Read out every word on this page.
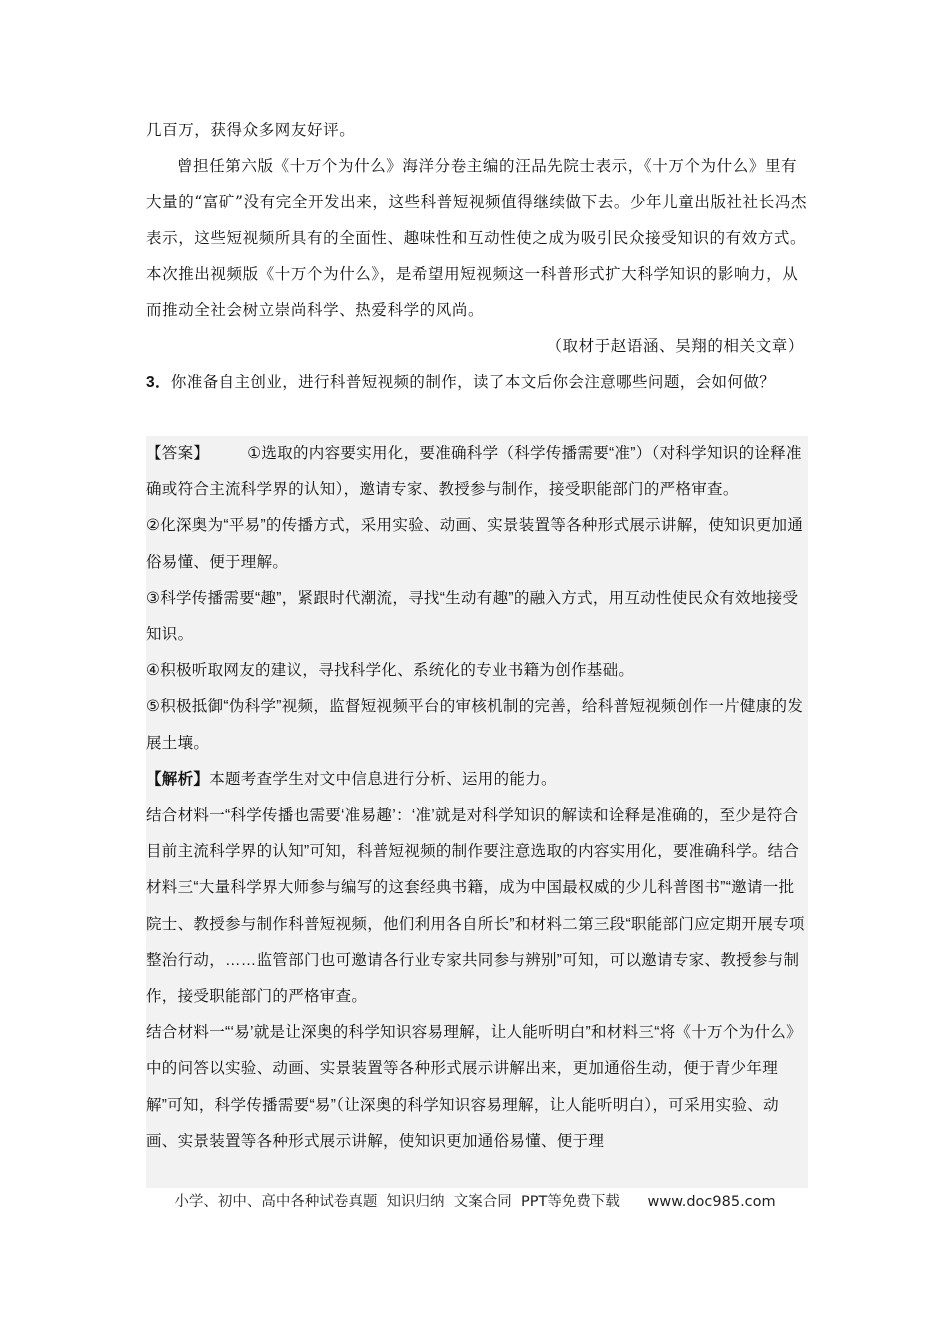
几百万，获得众多网友好评。

曾担任第六版《十万个为什么》海洋分卷主编的汪品先院士表示，《十万个为什么》里有大量的“富矿”没有完全开发出来，这些科普短视频值得继续做下去。少年儿童出版社社长冯杰表示，这些短视频所具有的全面性、趣味性和互动性使之成为吸引民众接受知识的有效方式。本次推出视频版《十万个为什么》，是希望用短视频这一科普形式扩大科学知识的影响力，从而推动全社会树立崇尚科学、热爱科学的风尚。

（取材于赵语涵、吴翔的相关文章）

3．你准备自主创业，进行科普短视频的制作，读了本文后你会注意哪些问题，会如何做？

【答案】 ①选取的内容要实用化，要准确科学（科学传播需要“准”）（对科学知识的诠释准确或符合主流科学界的认知），邀请专家、教授参与制作，接受职能部门的严格审查。

②化深奥为“平易”的传播方式，采用实验、动画、实景装置等各种形式展示讲解，使知识更加通俗易懂、便于理解。

③科学传播需要“趣”，紧跟时代潮流，寻找“生动有趣”的融入方式，用互动性使民众有效地接受知识。

④积极听取网友的建议，寻找科学化、系统化的专业书籍为创作基础。

⑤积极抵御“伪科学”视频，监督短视频平台的审核机制的完善，给科普短视频创作一片健康的发展土壤。

【解析】本题考查学生对文中信息进行分析、运用的能力。

结合材料一“科学传播也需要‘准易趣’：‘准’就是对科学知识的解读和诠释是准确的，至少是符合目前主流科学界的认知”可知，科普短视频的制作要注意选取的内容实用化，要准确科学。结合材料三“大量科学界大师参与编写的这套经典书籍，成为中国最权威的少儿科普图书”“邀请一批院士、教授参与制作科普短视频，他们利用各自所长”和材料二第三段“职能部门应定期开展专项整治行动，……监管部门也可邀请各行业专家共同参与辨别”可知，可以邀请专家、教授参与制作，接受职能部门的严格审查。

结合材料一“‘易’就是让深奥的科学知识容易理解，让人能听明白”和材料三“将《十万个为什么》中的问答以实验、动画、实景装置等各种形式展示讲解出来，更加通俗生动，便于青少年理解”可知，科学传播需要“易”（让深奥的科学知识容易理解，让人能听明白），可采用实验、动画、实景装置等各种形式展示讲解，使知识更加通俗易懂、便于理

小学、初中、高中各种试卷真题  知识归纳  文案合同  PPT等免费下载 www.doc985.com
